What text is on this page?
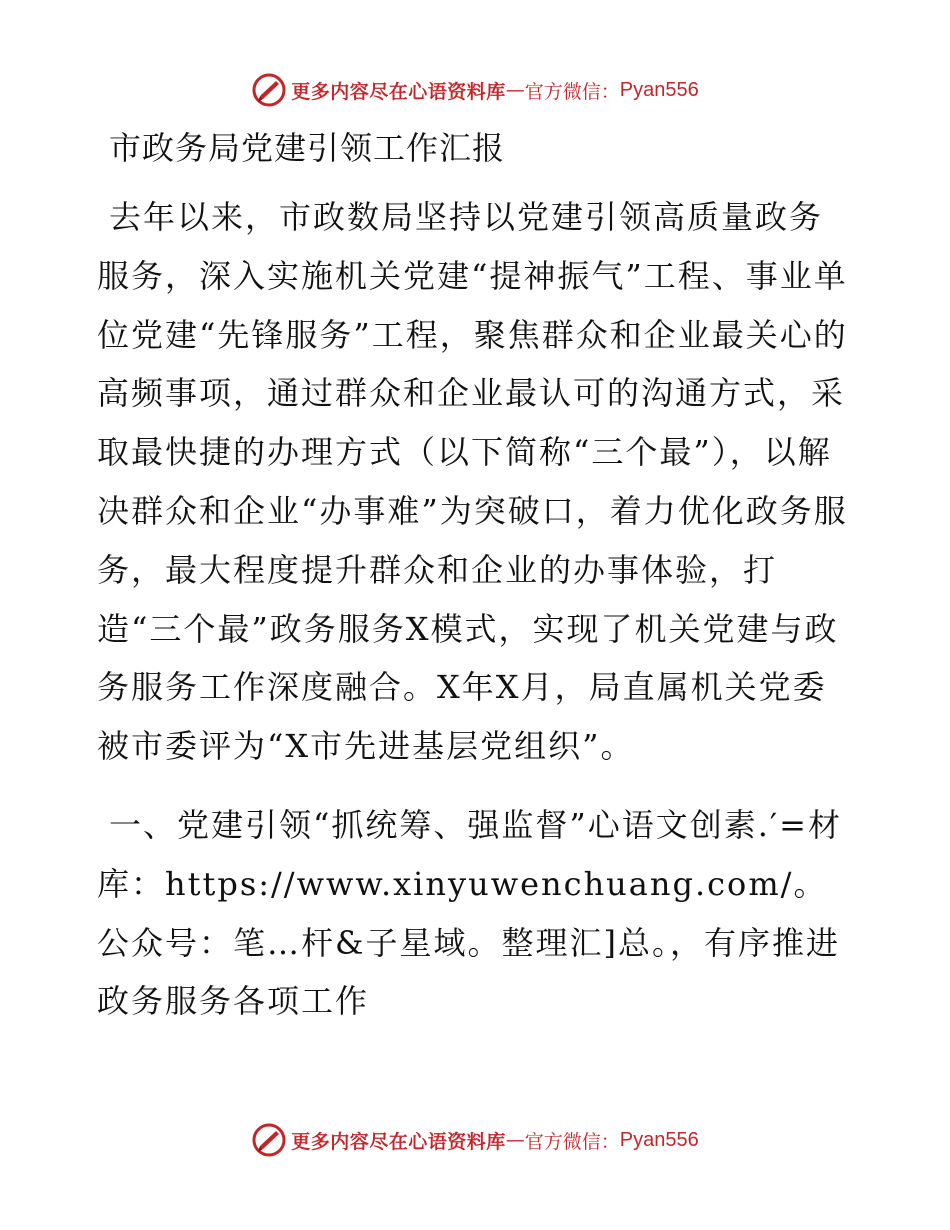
更多内容尽在心语资料库 — 官方微信： Pyan556
市政务局党建引领工作汇报

去年以来，市政数局坚持以党建引领高质量政务服务，深入实施机关党建“提神振气”工程、事业单位党建“先锋服务”工程，聚焦群众和企业最关心的高频事项，通过群众和企业最认可的沟通方式，采取最快捷的办理方式（以下简称“三个最”），以解决群众和企业“办事难”为突破口，着力优化政务服务，最大程度提升群众和企业的办事体验，打造“三个最”政务服务X模式，实现了机关党建与政务服务工作深度融合。X年X月，局直属机关党委被市委评为“X市先进基层党组织”。

一、党建引领“抓统筹、强监督”心语文创素.′=材库：https://www.xinyuwenchuang.com/。公众号：笔…杆&子星域。整理汇]总。，有序推进政务服务各项工作

更多内容尽在心语资料库 — 官方微信： Pyan556
